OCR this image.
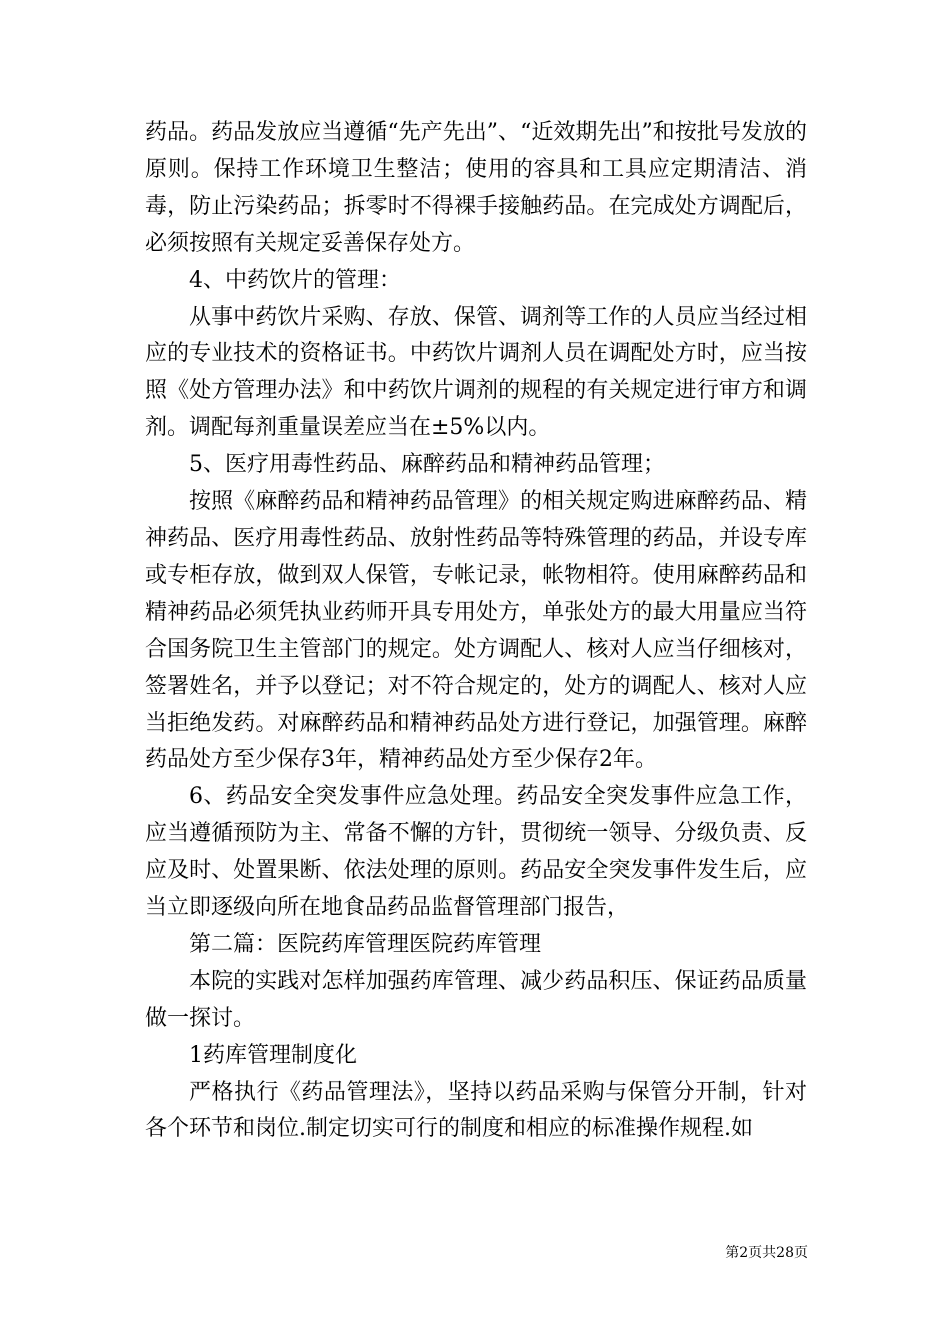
药品。药品发放应当遵循“先产先出”、“近效期先出”和按批号发放的原则。保持工作环境卫生整洁；使用的容具和工具应定期清洁、消毒，防止污染药品；拆零时不得裸手接触药品。在完成处方调配后，必须按照有关规定妥善保存处方。

4、中药饮片的管理：

从事中药饮片采购、存放、保管、调剂等工作的人员应当经过相应的专业技术的资格证书。中药饮片调剂人员在调配处方时，应当按照《处方管理办法》和中药饮片调剂的规程的有关规定进行审方和调剂。调配每剂重量误差应当在±5%以内。

5、医疗用毒性药品、麻醉药品和精神药品管理；

按照《麻醉药品和精神药品管理》的相关规定购进麻醉药品、精神药品、医疗用毒性药品、放射性药品等特殊管理的药品，并设专库或专柜存放，做到双人保管，专帐记录，帐物相符。使用麻醉药品和精神药品必须凭执业药师开具专用处方，单张处方的最大用量应当符合国务院卫生主管部门的规定。处方调配人、核对人应当仔细核对，签署姓名，并予以登记；对不符合规定的，处方的调配人、核对人应当拒绝发药。对麻醉药品和精神药品处方进行登记，加强管理。麻醉药品处方至少保存3年，精神药品处方至少保存2年。

6、药品安全突发事件应急处理。药品安全突发事件应急工作，应当遵循预防为主、常备不懈的方针，贯彻统一领导、分级负责、反应及时、处置果断、依法处理的原则。药品安全突发事件发生后，应当立即逐级向所在地食品药品监督管理部门报告，

第二篇：医院药库管理医院药库管理

本院的实践对怎样加强药库管理、减少药品积压、保证药品质量做一探讨。

1药库管理制度化

严格执行《药品管理法》，坚持以药品采购与保管分开制，针对各个环节和岗位.制定切实可行的制度和相应的标准操作规程.如

第2页共28页
